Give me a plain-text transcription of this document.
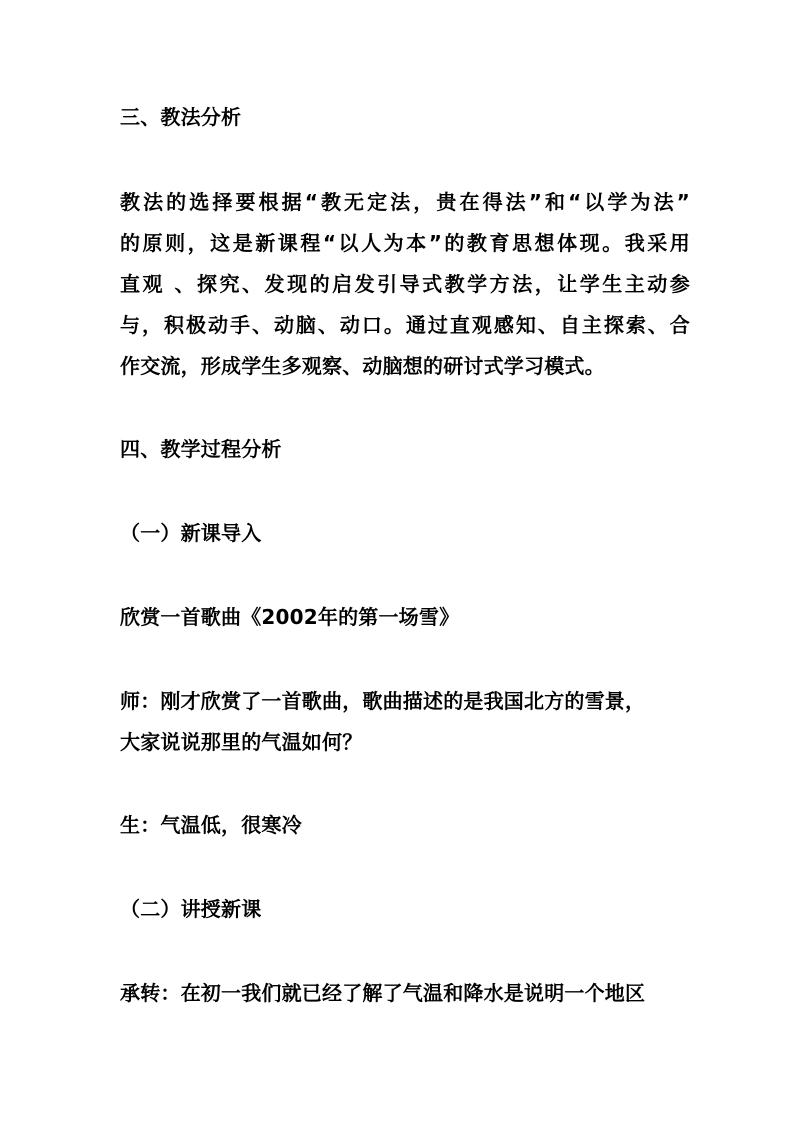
三、教法分析
教法的选择要根据“教无定法，贵在得法”和“以学为法”
的原则，这是新课程“以人为本”的教育思想体现。我采用
直观 、探究、发现的启发引导式教学方法，让学生主动参
与，积极动手、动脑、动口。通过直观感知、自主探索、合
作交流，形成学生多观察、动脑想的研讨式学习模式。
四、教学过程分析
（一）新课导入
欣赏一首歌曲《2002年的第一场雪》
师：刚才欣赏了一首歌曲，歌曲描述的是我国北方的雪景，
大家说说那里的气温如何？
生：气温低，很寒冷
（二）讲授新课
承转：在初一我们就已经了解了气温和降水是说明一个地区
